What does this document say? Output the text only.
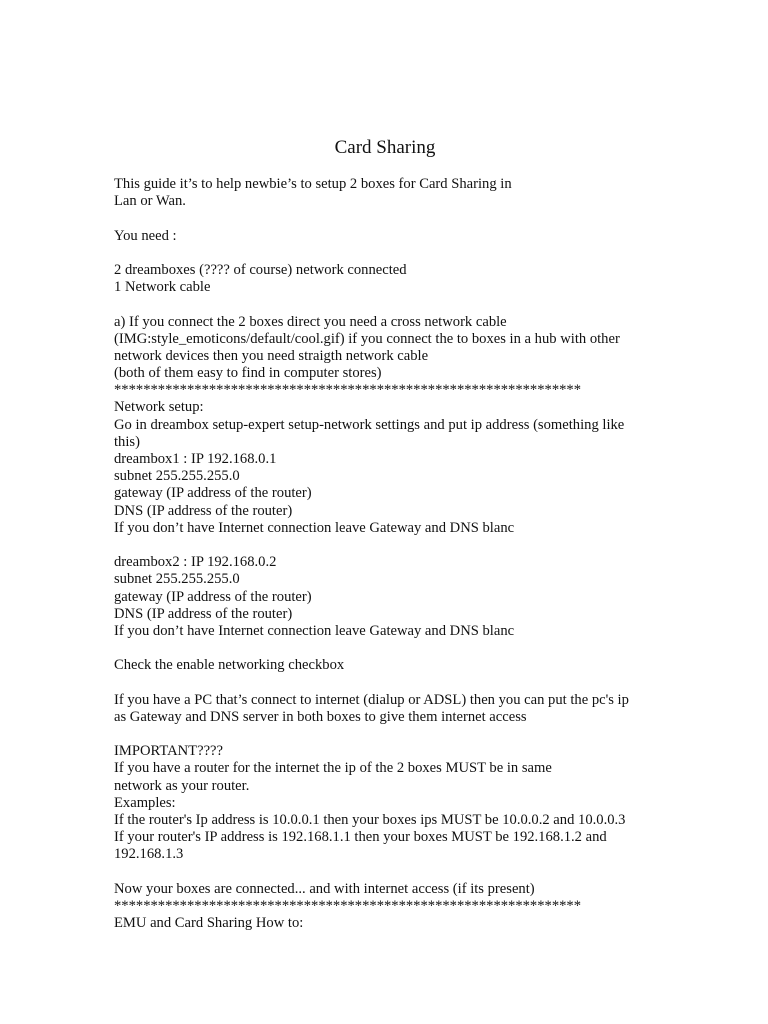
Card Sharing
This guide it’s to help newbie’s to setup 2 boxes for Card Sharing in
Lan or Wan.
You need :
2 dreamboxes (???? of course) network connected
1 Network cable
a) If you connect the 2 boxes direct you need a cross network cable
(IMG:style_emoticons/default/cool.gif) if you connect the to boxes in a hub with other
network devices then you need straigth network cable
(both of them easy to find in computer stores)
****************************************************************
Network setup:
Go in dreambox setup-expert setup-network settings and put ip address (something like
this)
dreambox1 : IP 192.168.0.1
subnet 255.255.255.0
gateway (IP address of the router)
DNS (IP address of the router)
If you don’t have Internet connection leave Gateway and DNS blanc
dreambox2 : IP 192.168.0.2
subnet 255.255.255.0
gateway (IP address of the router)
DNS (IP address of the router)
If you don’t have Internet connection leave Gateway and DNS blanc
Check the enable networking checkbox
If you have a PC that’s connect to internet (dialup or ADSL) then you can put the pc's ip
as Gateway and DNS server in both boxes to give them internet access
IMPORTANT????
If you have a router for the internet the ip of the 2 boxes MUST be in same
network as your router.
Examples:
If the router's Ip address is 10.0.0.1 then your boxes ips MUST be 10.0.0.2 and 10.0.0.3
If your router's IP address is 192.168.1.1 then your boxes MUST be 192.168.1.2 and
192.168.1.3
Now your boxes are connected... and with internet access (if its present)
****************************************************************
EMU and Card Sharing How to:
